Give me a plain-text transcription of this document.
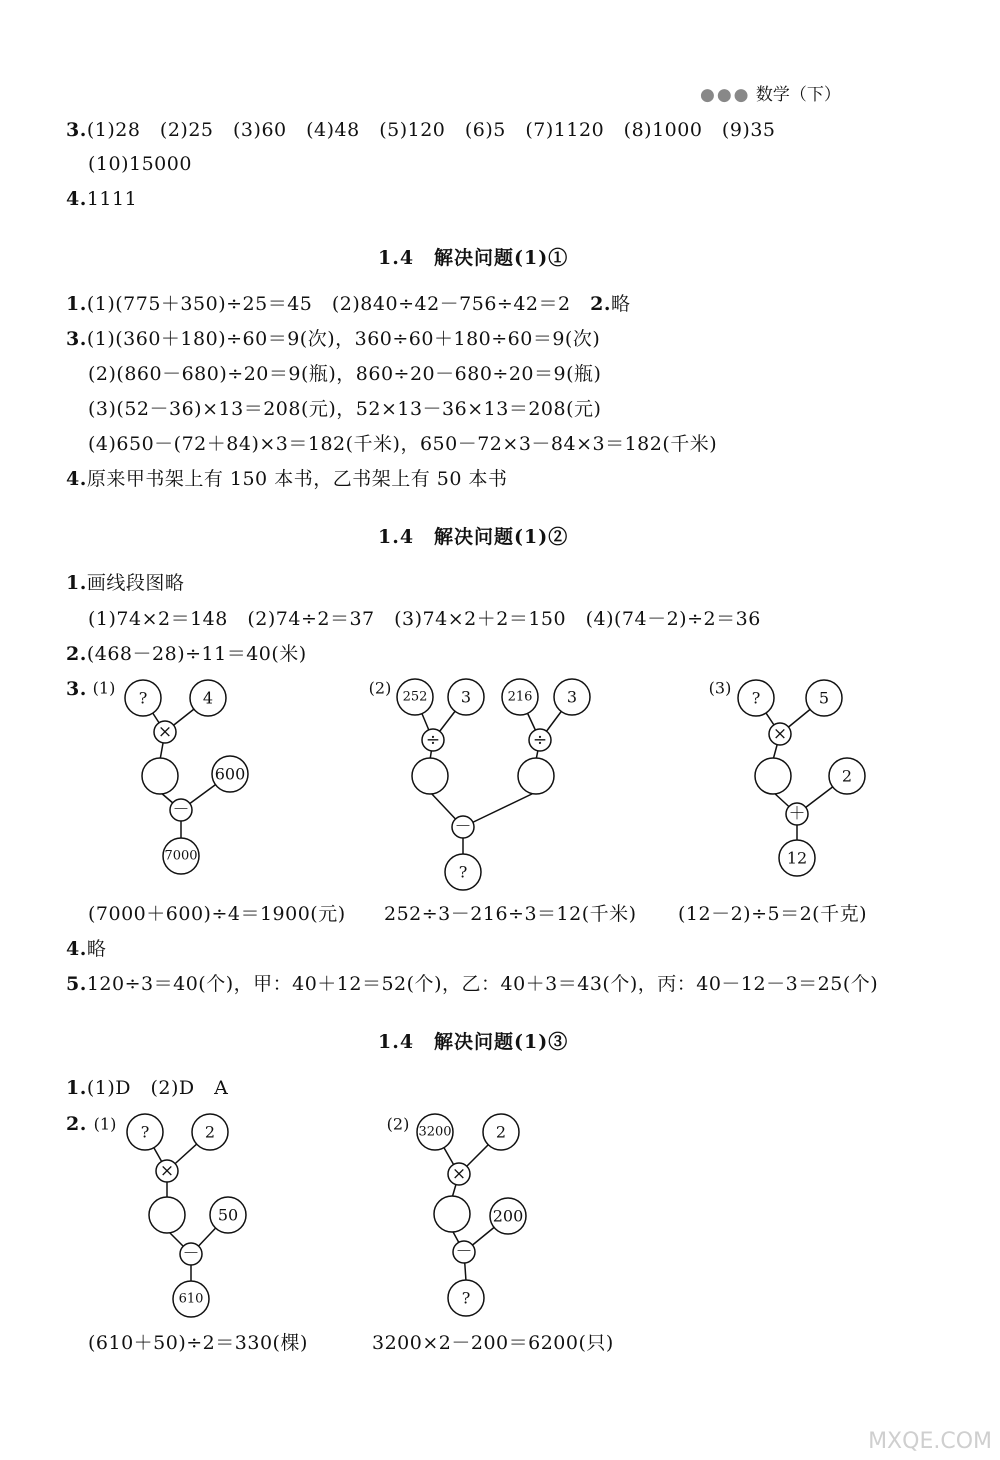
●●● 数学（下）
3.(1)28　(2)25　(3)60　(4)48　(5)120　(6)5　(7)1120　(8)1000　(9)35
(10)15000
4.1111
1.4　解决问题(1)①
1.(1)(775＋350)÷25＝45　(2)840÷42－756÷42＝2　 2.略
3.(1)(360＋180)÷60＝9(次)，360÷60＋180÷60＝9(次)
(2)(860－680)÷20＝9(瓶)，860÷20－680÷20＝9(瓶)
(3)(52－36)×13＝208(元)，52×13－36×13＝208(元)
(4)650－(72＋84)×3＝182(千米)，650－72×3－84×3＝182(千米)
4.原来甲书架上有 150 本书，乙书架上有 50 本书
1.4　解决问题(1)②
1.画线段图略
(1)74×2＝148　(2)74÷2＝37　(3)74×2＋2＝150　(4)(74－2)÷2＝36
2.(468－28)÷11＝40(米)
3. (1)
?	4
×
600
－
7000
(2) 252 3	216 3
÷	÷
－
?
(3)
?	5
×
2
＋
12
(7000＋600)÷4＝1900(元) 252÷3－216÷3＝12(千米) (12－2)÷5＝2(千克)
4.略
5.120÷3＝40(个)，甲：40＋12＝52(个)，乙：40＋3＝43(个)，丙：40－12－3＝25(个)
1.4　解决问题(1)③
1.(1)D　(2)D　A
2. (1) ?	2
×
50
－
610
(2) 3200	2
×
200
－
?
(610＋50)÷2＝330(棵)	3200×2－200＝6200(只)
MXQE.COM
